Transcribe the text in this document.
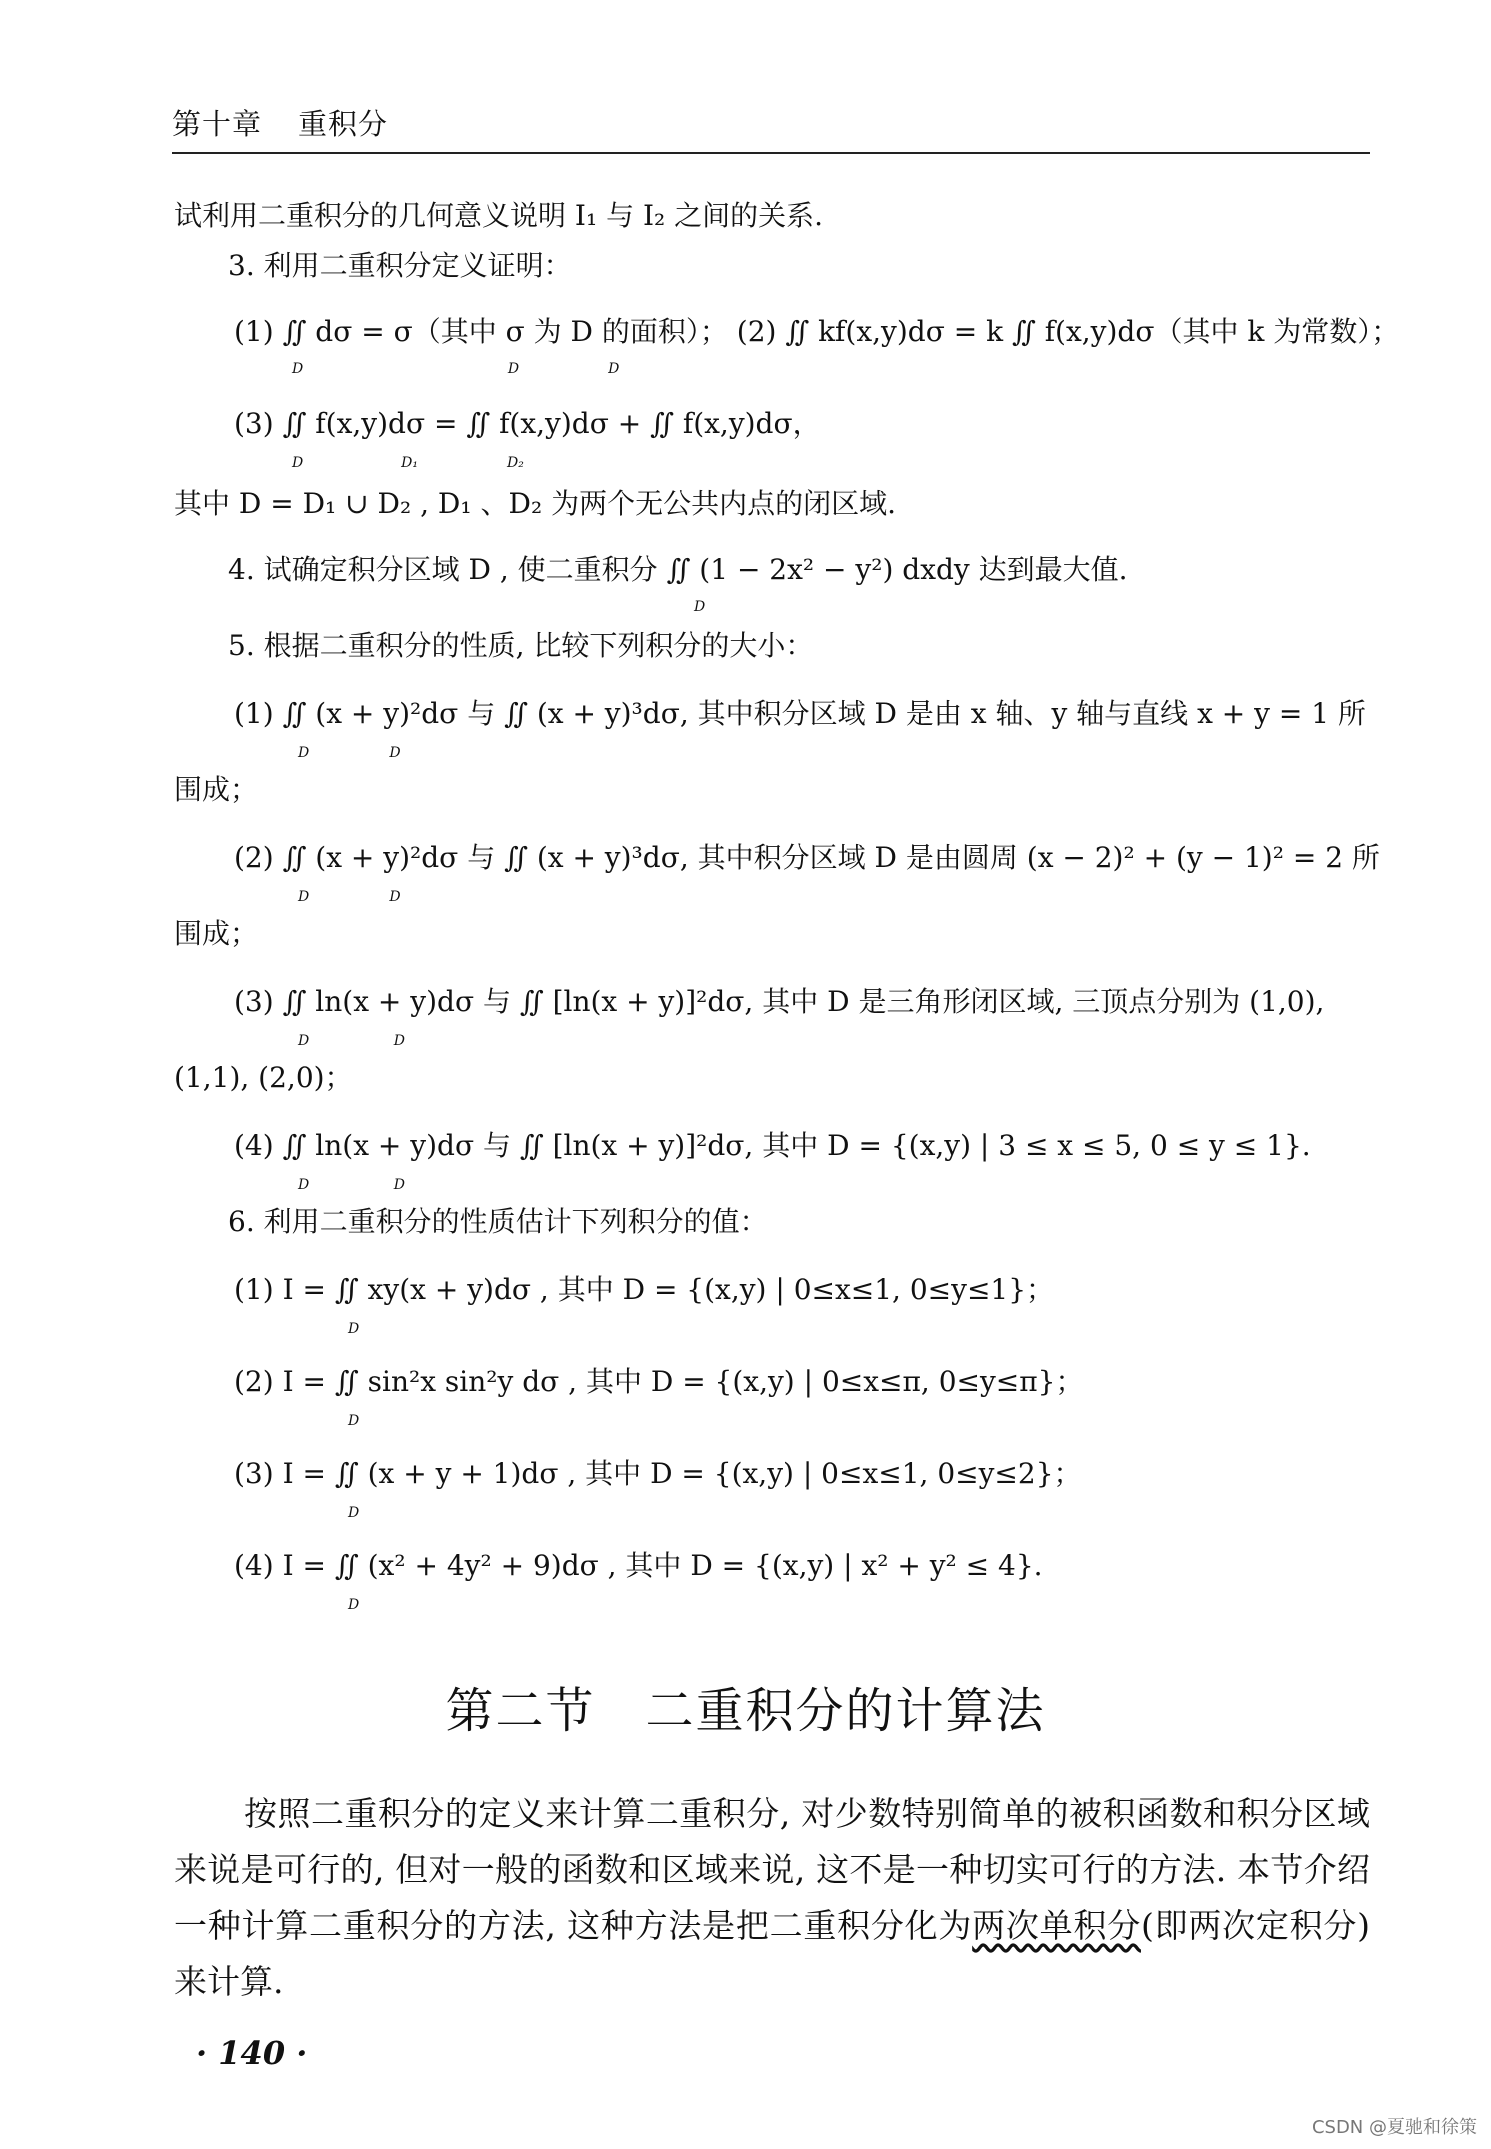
第十章 重积分
试利用二重积分的几何意义说明 I₁ 与 I₂ 之间的关系.
3. 利用二重积分定义证明：
(1) ∬ dσ = σ（其中 σ 为 D 的面积）； (2) ∬ kf(x,y)dσ = k ∬ f(x,y)dσ（其中 k 为常数）；
D                                              D                    D
(3) ∬ f(x,y)dσ = ∬ f(x,y)dσ + ∬ f(x,y)dσ，
D                      D₁                    D₂
其中 D = D₁ ∪ D₂ , D₁ 、D₂ 为两个无公共内点的闭区域.
4. 试确定积分区域 D , 使二重积分 ∬ (1 − 2x² − y²) dxdy 达到最大值.
D
5. 根据二重积分的性质, 比较下列积分的大小：
(1) ∬ (x + y)²dσ 与 ∬ (x + y)³dσ, 其中积分区域 D 是由 x 轴、y 轴与直线 x + y = 1 所
D                  D
围成；
(2) ∬ (x + y)²dσ 与 ∬ (x + y)³dσ, 其中积分区域 D 是由圆周 (x − 2)² + (y − 1)² = 2 所
D                  D
围成；
(3) ∬ ln(x + y)dσ 与 ∬ [ln(x + y)]²dσ, 其中 D 是三角形闭区域, 三顶点分别为 (1,0),
D                   D
(1,1), (2,0)；
(4) ∬ ln(x + y)dσ 与 ∬ [ln(x + y)]²dσ, 其中 D = {(x,y) | 3 ≤ x ≤ 5, 0 ≤ y ≤ 1}.
D                   D
6. 利用二重积分的性质估计下列积分的值：
(1) I = ∬ xy(x + y)dσ , 其中 D = {(x,y) | 0≤x≤1, 0≤y≤1}；
D
(2) I = ∬ sin²x sin²y dσ , 其中 D = {(x,y) | 0≤x≤π, 0≤y≤π}；
D
(3) I = ∬ (x + y + 1)dσ , 其中 D = {(x,y) | 0≤x≤1, 0≤y≤2}；
D
(4) I = ∬ (x² + 4y² + 9)dσ , 其中 D = {(x,y) | x² + y² ≤ 4}.
D
第二节　二重积分的计算法
按照二重积分的定义来计算二重积分, 对少数特别简单的被积函数和积分区域来说是可行的, 但对一般的函数和区域来说, 这不是一种切实可行的方法. 本节介绍一种计算二重积分的方法, 这种方法是把二重积分化为两次单积分(即两次定积分)来计算.
· 140 ·
CSDN @夏驰和徐策
